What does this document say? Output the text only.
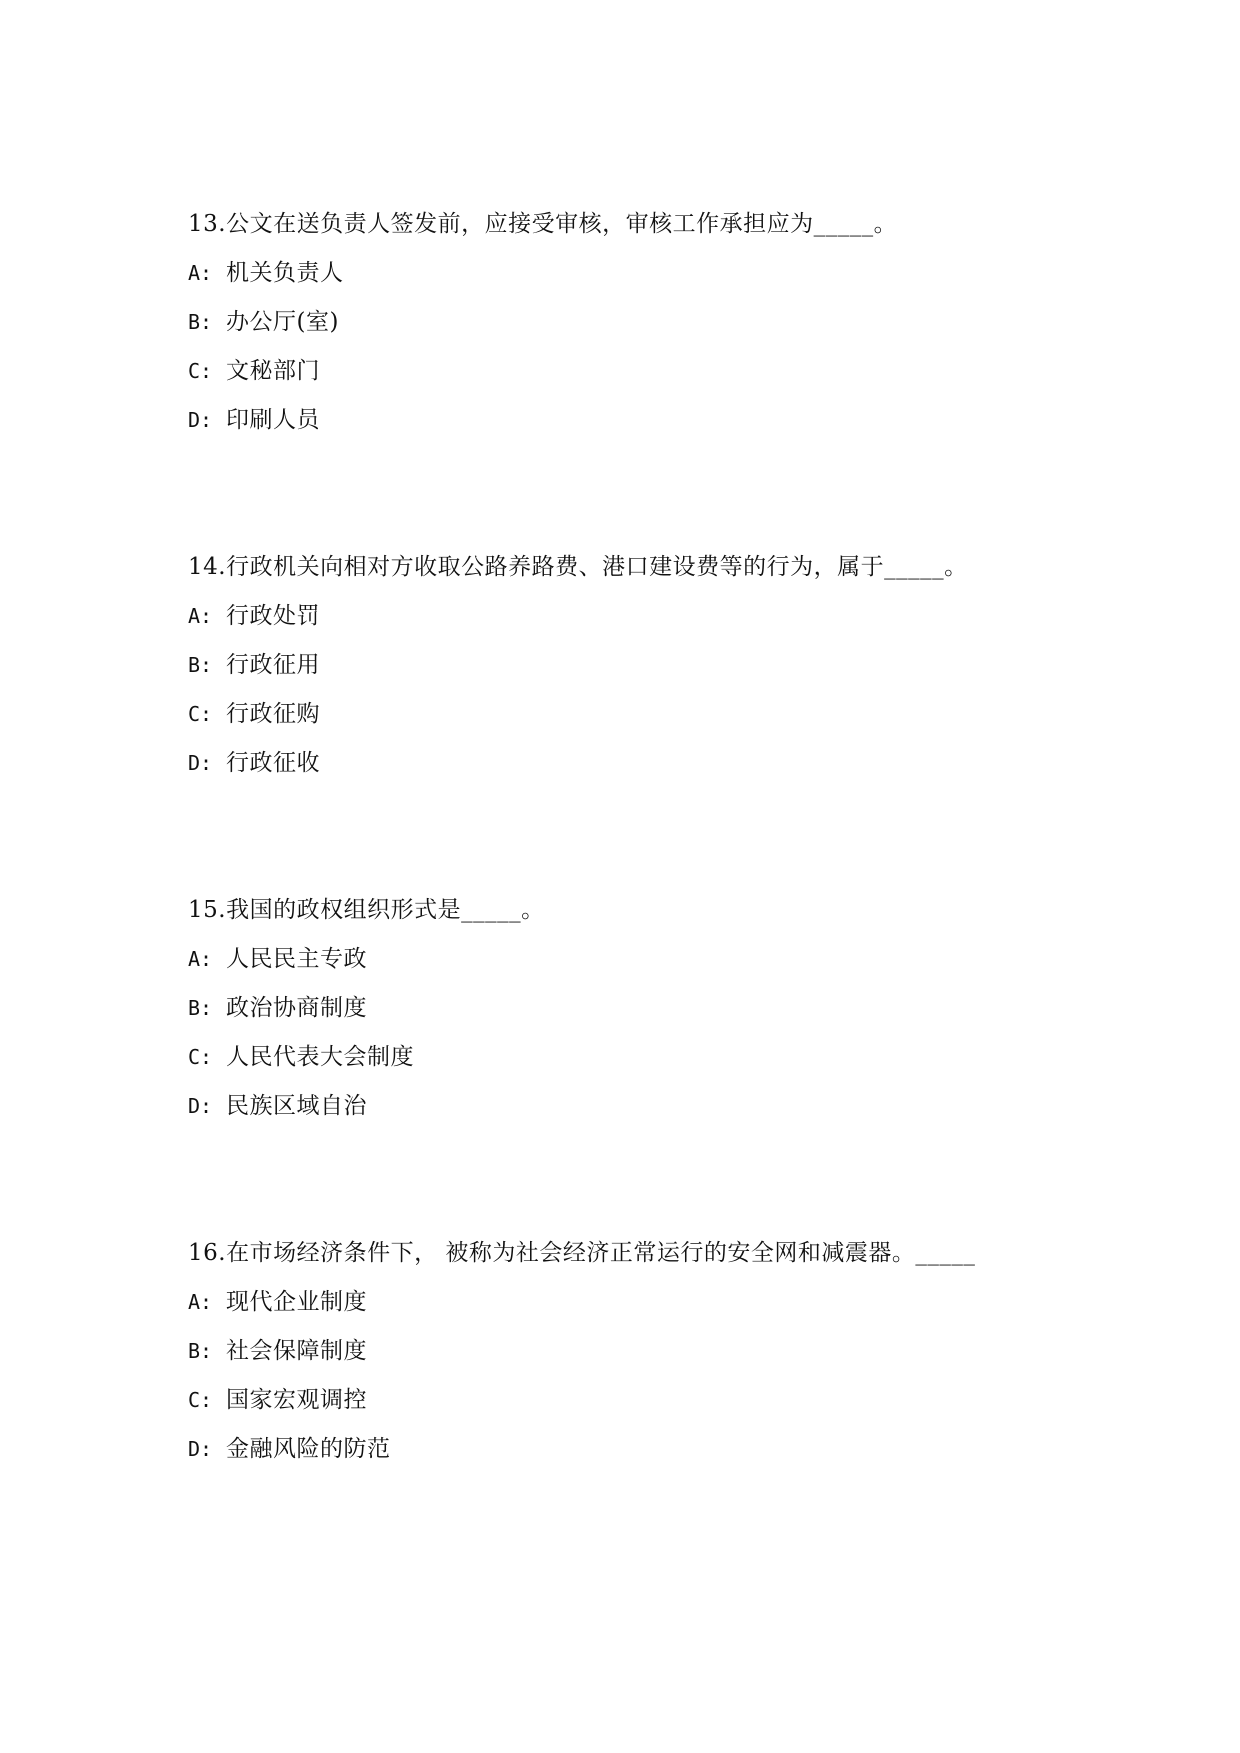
13.公文在送负责人签发前，应接受审核，审核工作承担应为_____。
A: 机关负责人
B: 办公厅(室)
C: 文秘部门
D: 印刷人员
14.行政机关向相对方收取公路养路费、港口建设费等的行为，属于_____。
A: 行政处罚
B: 行政征用
C: 行政征购
D: 行政征收
15.我国的政权组织形式是_____。
A: 人民民主专政
B: 政治协商制度
C: 人民代表大会制度
D: 民族区域自治
16.在市场经济条件下， 被称为社会经济正常运行的安全网和减震器。_____
A: 现代企业制度
B: 社会保障制度
C: 国家宏观调控
D: 金融风险的防范
